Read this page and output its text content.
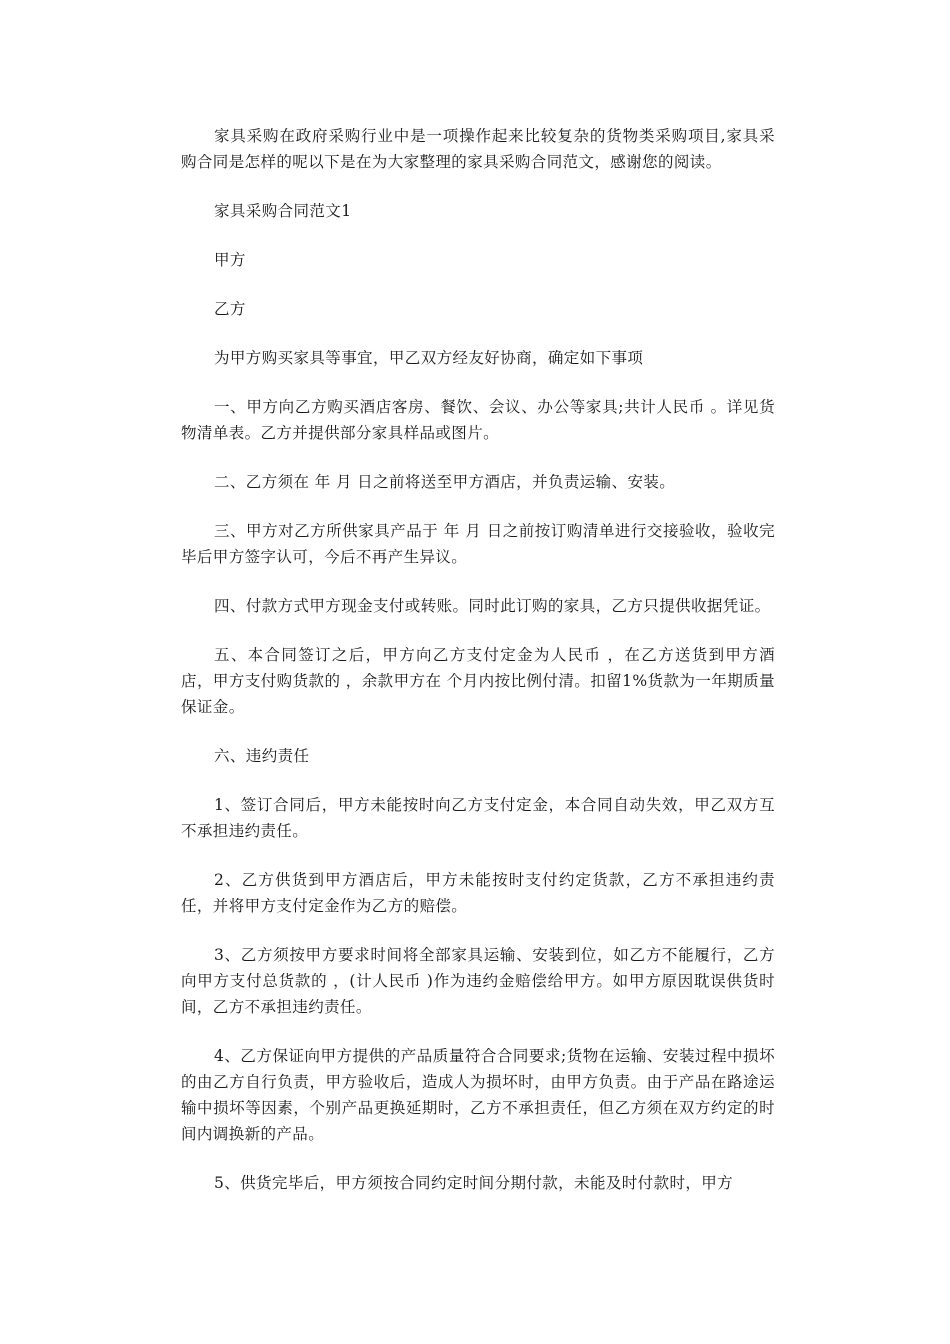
家具采购在政府采购行业中是一项操作起来比较复杂的货物类采购项目,家具采购合同是怎样的呢以下是在为大家整理的家具采购合同范文，感谢您的阅读。

家具采购合同范文1

甲方

乙方

为甲方购买家具等事宜，甲乙双方经友好协商，确定如下事项

一、甲方向乙方购买酒店客房、餐饮、会议、办公等家具;共计人民币 。详见货物清单表。乙方并提供部分家具样品或图片。

二、乙方须在 年 月 日之前将送至甲方酒店，并负责运输、安装。

三、甲方对乙方所供家具产品于 年 月 日之前按订购清单进行交接验收，验收完毕后甲方签字认可，今后不再产生异议。

四、付款方式甲方现金支付或转账。同时此订购的家具，乙方只提供收据凭证。

五、本合同签订之后，甲方向乙方支付定金为人民币 ，在乙方送货到甲方酒店，甲方支付购货款的 ，余款甲方在 个月内按比例付清。扣留1%货款为一年期质量保证金。

六、违约责任

1、签订合同后，甲方未能按时向乙方支付定金，本合同自动失效，甲乙双方互不承担违约责任。

2、乙方供货到甲方酒店后，甲方未能按时支付约定货款，乙方不承担违约责任，并将甲方支付定金作为乙方的赔偿。

3、乙方须按甲方要求时间将全部家具运输、安装到位，如乙方不能履行，乙方向甲方支付总货款的 ，(计人民币 )作为违约金赔偿给甲方。如甲方原因耽误供货时间，乙方不承担违约责任。

4、乙方保证向甲方提供的产品质量符合合同要求;货物在运输、安装过程中损坏的由乙方自行负责，甲方验收后，造成人为损坏时，由甲方负责。由于产品在路途运输中损坏等因素，个别产品更换延期时，乙方不承担责任，但乙方须在双方约定的时间内调换新的产品。

5、供货完毕后，甲方须按合同约定时间分期付款，未能及时付款时，甲方
